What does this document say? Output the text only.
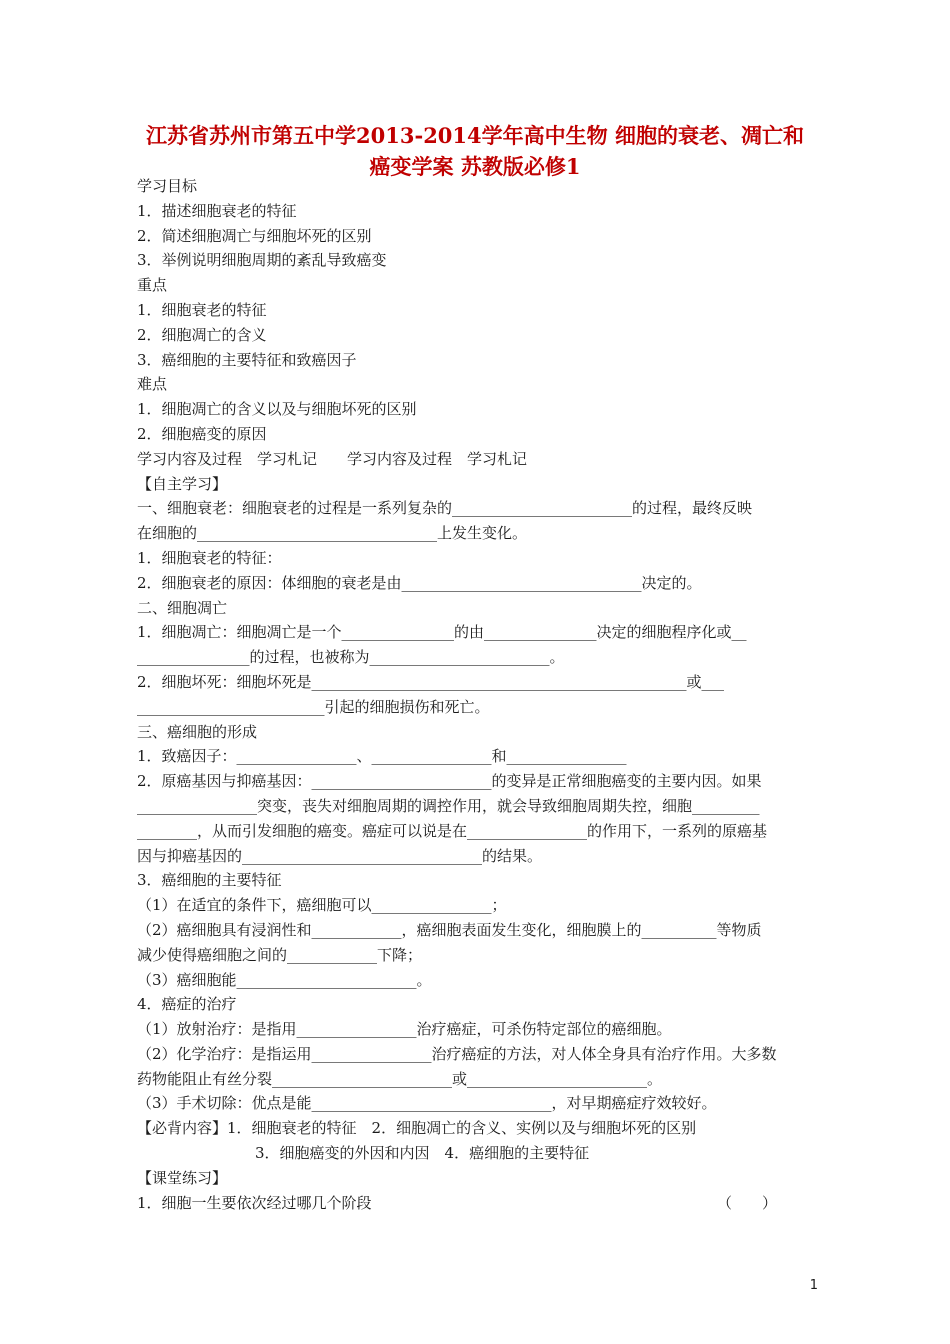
江苏省苏州市第五中学2013-2014学年高中生物 细胞的衰老、凋亡和
癌变学案 苏教版必修1
学习目标
1．描述细胞衰老的特征
2．简述细胞凋亡与细胞坏死的区别
3．举例说明细胞周期的紊乱导致癌变
重点
1．细胞衰老的特征
2．细胞凋亡的含义
3．癌细胞的主要特征和致癌因子
难点
1．细胞凋亡的含义以及与细胞坏死的区别
2．细胞癌变的原因
学习内容及过程　学习札记　　学习内容及过程　学习札记
【自主学习】
一、细胞衰老：细胞衰老的过程是一系列复杂的________________________的过程，最终反映
在细胞的________________________________上发生变化。
1．细胞衰老的特征：
2．细胞衰老的原因：体细胞的衰老是由________________________________决定的。
二、细胞凋亡
1．细胞凋亡：细胞凋亡是一个_______________的由_______________决定的细胞程序化或__
_______________的过程，也被称为________________________。
2．细胞坏死：细胞坏死是__________________________________________________或___
_________________________引起的细胞损伤和死亡。
三、癌细胞的形成
1．致癌因子：________________、________________和________________
2．原癌基因与抑癌基因：________________________的变异是正常细胞癌变的主要内因。如果
________________突变，丧失对细胞周期的调控作用，就会导致细胞周期失控，细胞_________
________，从而引发细胞的癌变。癌症可以说是在________________的作用下，一系列的原癌基
因与抑癌基因的________________________________的结果。
3．癌细胞的主要特征
（1）在适宜的条件下，癌细胞可以________________；
（2）癌细胞具有浸润性和____________，癌细胞表面发生变化，细胞膜上的__________等物质
减少使得癌细胞之间的____________下降；
（3）癌细胞能________________________。
4．癌症的治疗
（1）放射治疗：是指用________________治疗癌症，可杀伤特定部位的癌细胞。
（2）化学治疗：是指运用________________治疗癌症的方法，对人体全身具有治疗作用。大多数
药物能阻止有丝分裂________________________或________________________。
（3）手术切除：优点是能________________________________，对早期癌症疗效较好。
【必背内容】1．细胞衰老的特征　2．细胞凋亡的含义、实例以及与细胞坏死的区别
3．细胞癌变的外因和内因　4．癌细胞的主要特征
【课堂练习】
1．细胞一生要依次经过哪几个阶段	（　　）
1
